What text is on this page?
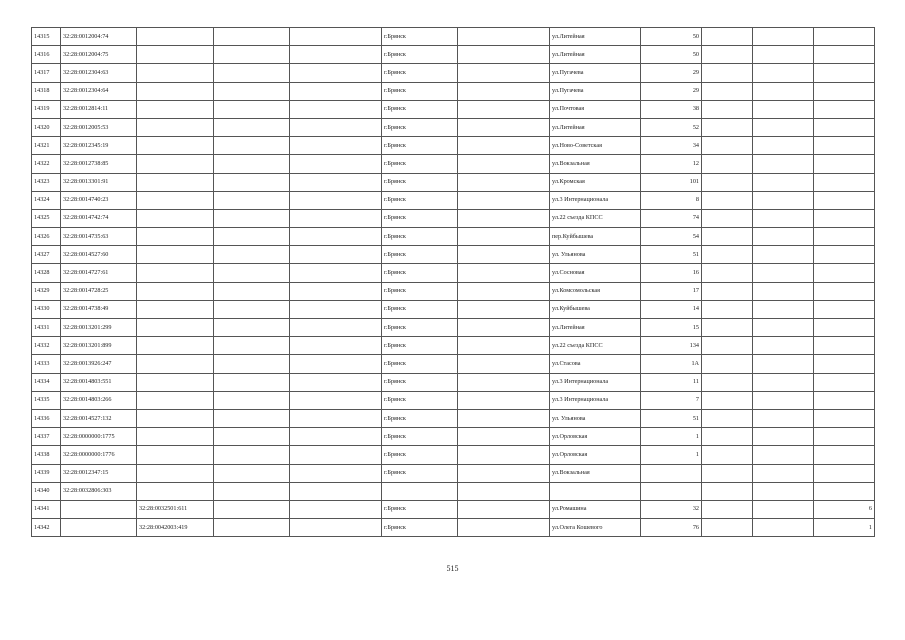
14315	32:28:0012004:74				г.Брянск		ул.Литейная	50			
14316	32:28:0012004:75				г.Брянск		ул.Литейная	50			
14317	32:28:0012304:63				г.Брянск		ул.Пугачева	29			
14318	32:28:0012304:64				г.Брянск		ул.Пугачева	29			
14319	32:28:0012814:11				г.Брянск		ул.Почтовая	38			
14320	32:28:0012005:53				г.Брянск		ул.Литейная	52			
14321	32:28:0012345:19				г.Брянск		ул.Ново-Советская	34			
14322	32:28:0012738:85				г.Брянск		ул.Вокзальная	12			
14323	32:28:0013301:91				г.Брянск		ул.Кромская	101			
14324	32:28:0014740:23				г.Брянск		ул.3 Интернационала	8			
14325	32:28:0014742:74				г.Брянск		ул.22 съезда КПСС	74			
14326	32:28:0014735:63				г.Брянск		пер.Куйбышева	54			
14327	32:28:0014527:60				г.Брянск		ул. Ульянова	51			
14328	32:28:0014727:61				г.Брянск		ул.Сосновая	16			
14329	32:28:0014728:25				г.Брянск		ул.Комсомольская	17			
14330	32:28:0014738:49				г.Брянск		ул.Куйбышева	14			
14331	32:28:0013201:299				г.Брянск		ул.Литейная	15			
14332	32:28:0013201:899				г.Брянск		ул.22 съезда КПСС	134			
14333	32:28:0013926:247				г.Брянск		ул.Стасова	1А			
14334	32:28:0014803:551				г.Брянск		ул.3 Интернационала	11			
14335	32:28:0014803:266				г.Брянск		ул.3 Интернационала	7			
14336	32:28:0014527:132				г.Брянск		ул. Ульянова	51			
14337	32:28:0000000:1775				г.Брянск		ул.Орловская	1			
14338	32:28:0000000:1776				г.Брянск		ул.Орловская	1			
14339	32:28:0012347:15				г.Брянск		ул.Вокзальная				
14340	32:28:0032806:303										
14341		32:28:0032501:611			г.Брянск		ул.Ромашина	32			6
14342		32:28:0042003:419			г.Брянск		ул.Олега Кошевого	76			1
515
